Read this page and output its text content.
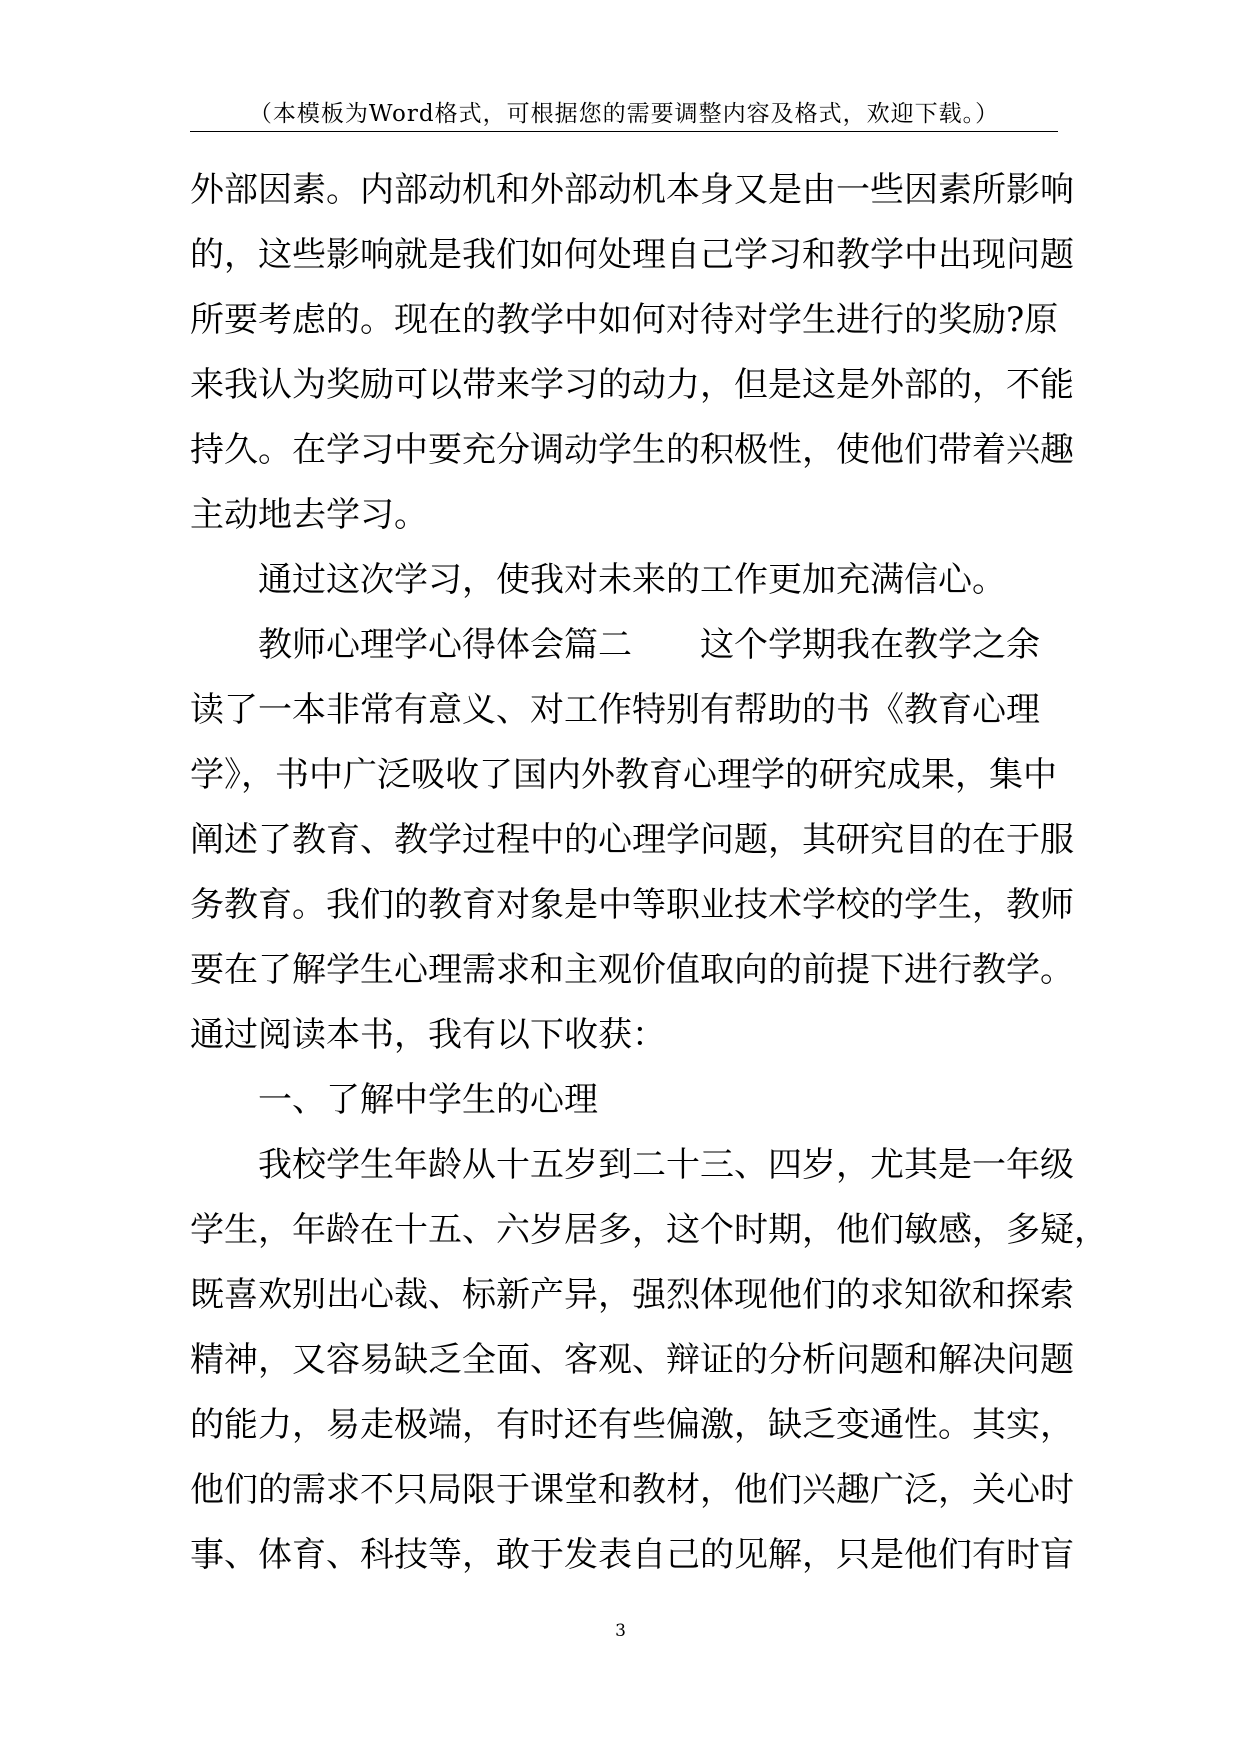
（本模板为Word格式，可根据您的需要调整内容及格式，欢迎下载。）
外部因素。内部动机和外部动机本身又是由一些因素所影响
的，这些影响就是我们如何处理自己学习和教学中出现问题
所要考虑的。现在的教学中如何对待对学生进行的奖励?原
来我认为奖励可以带来学习的动力，但是这是外部的，不能
持久。在学习中要充分调动学生的积极性，使他们带着兴趣
主动地去学习。
通过这次学习，使我对未来的工作更加充满信心。
教师心理学心得体会篇二　　这个学期我在教学之余
读了一本非常有意义、对工作特别有帮助的书《教育心理
学》，书中广泛吸收了国内外教育心理学的研究成果，集中
阐述了教育、教学过程中的心理学问题，其研究目的在于服
务教育。我们的教育对象是中等职业技术学校的学生，教师
要在了解学生心理需求和主观价值取向的前提下进行教学。
通过阅读本书，我有以下收获：
一、了解中学生的心理
我校学生年龄从十五岁到二十三、四岁，尤其是一年级
学生，年龄在十五、六岁居多，这个时期，他们敏感，多疑，
既喜欢别出心裁、标新产异，强烈体现他们的求知欲和探索
精神，又容易缺乏全面、客观、辩证的分析问题和解决问题
的能力，易走极端，有时还有些偏激，缺乏变通性。其实，
他们的需求不只局限于课堂和教材，他们兴趣广泛，关心时
事、体育、科技等，敢于发表自己的见解，只是他们有时盲
3
